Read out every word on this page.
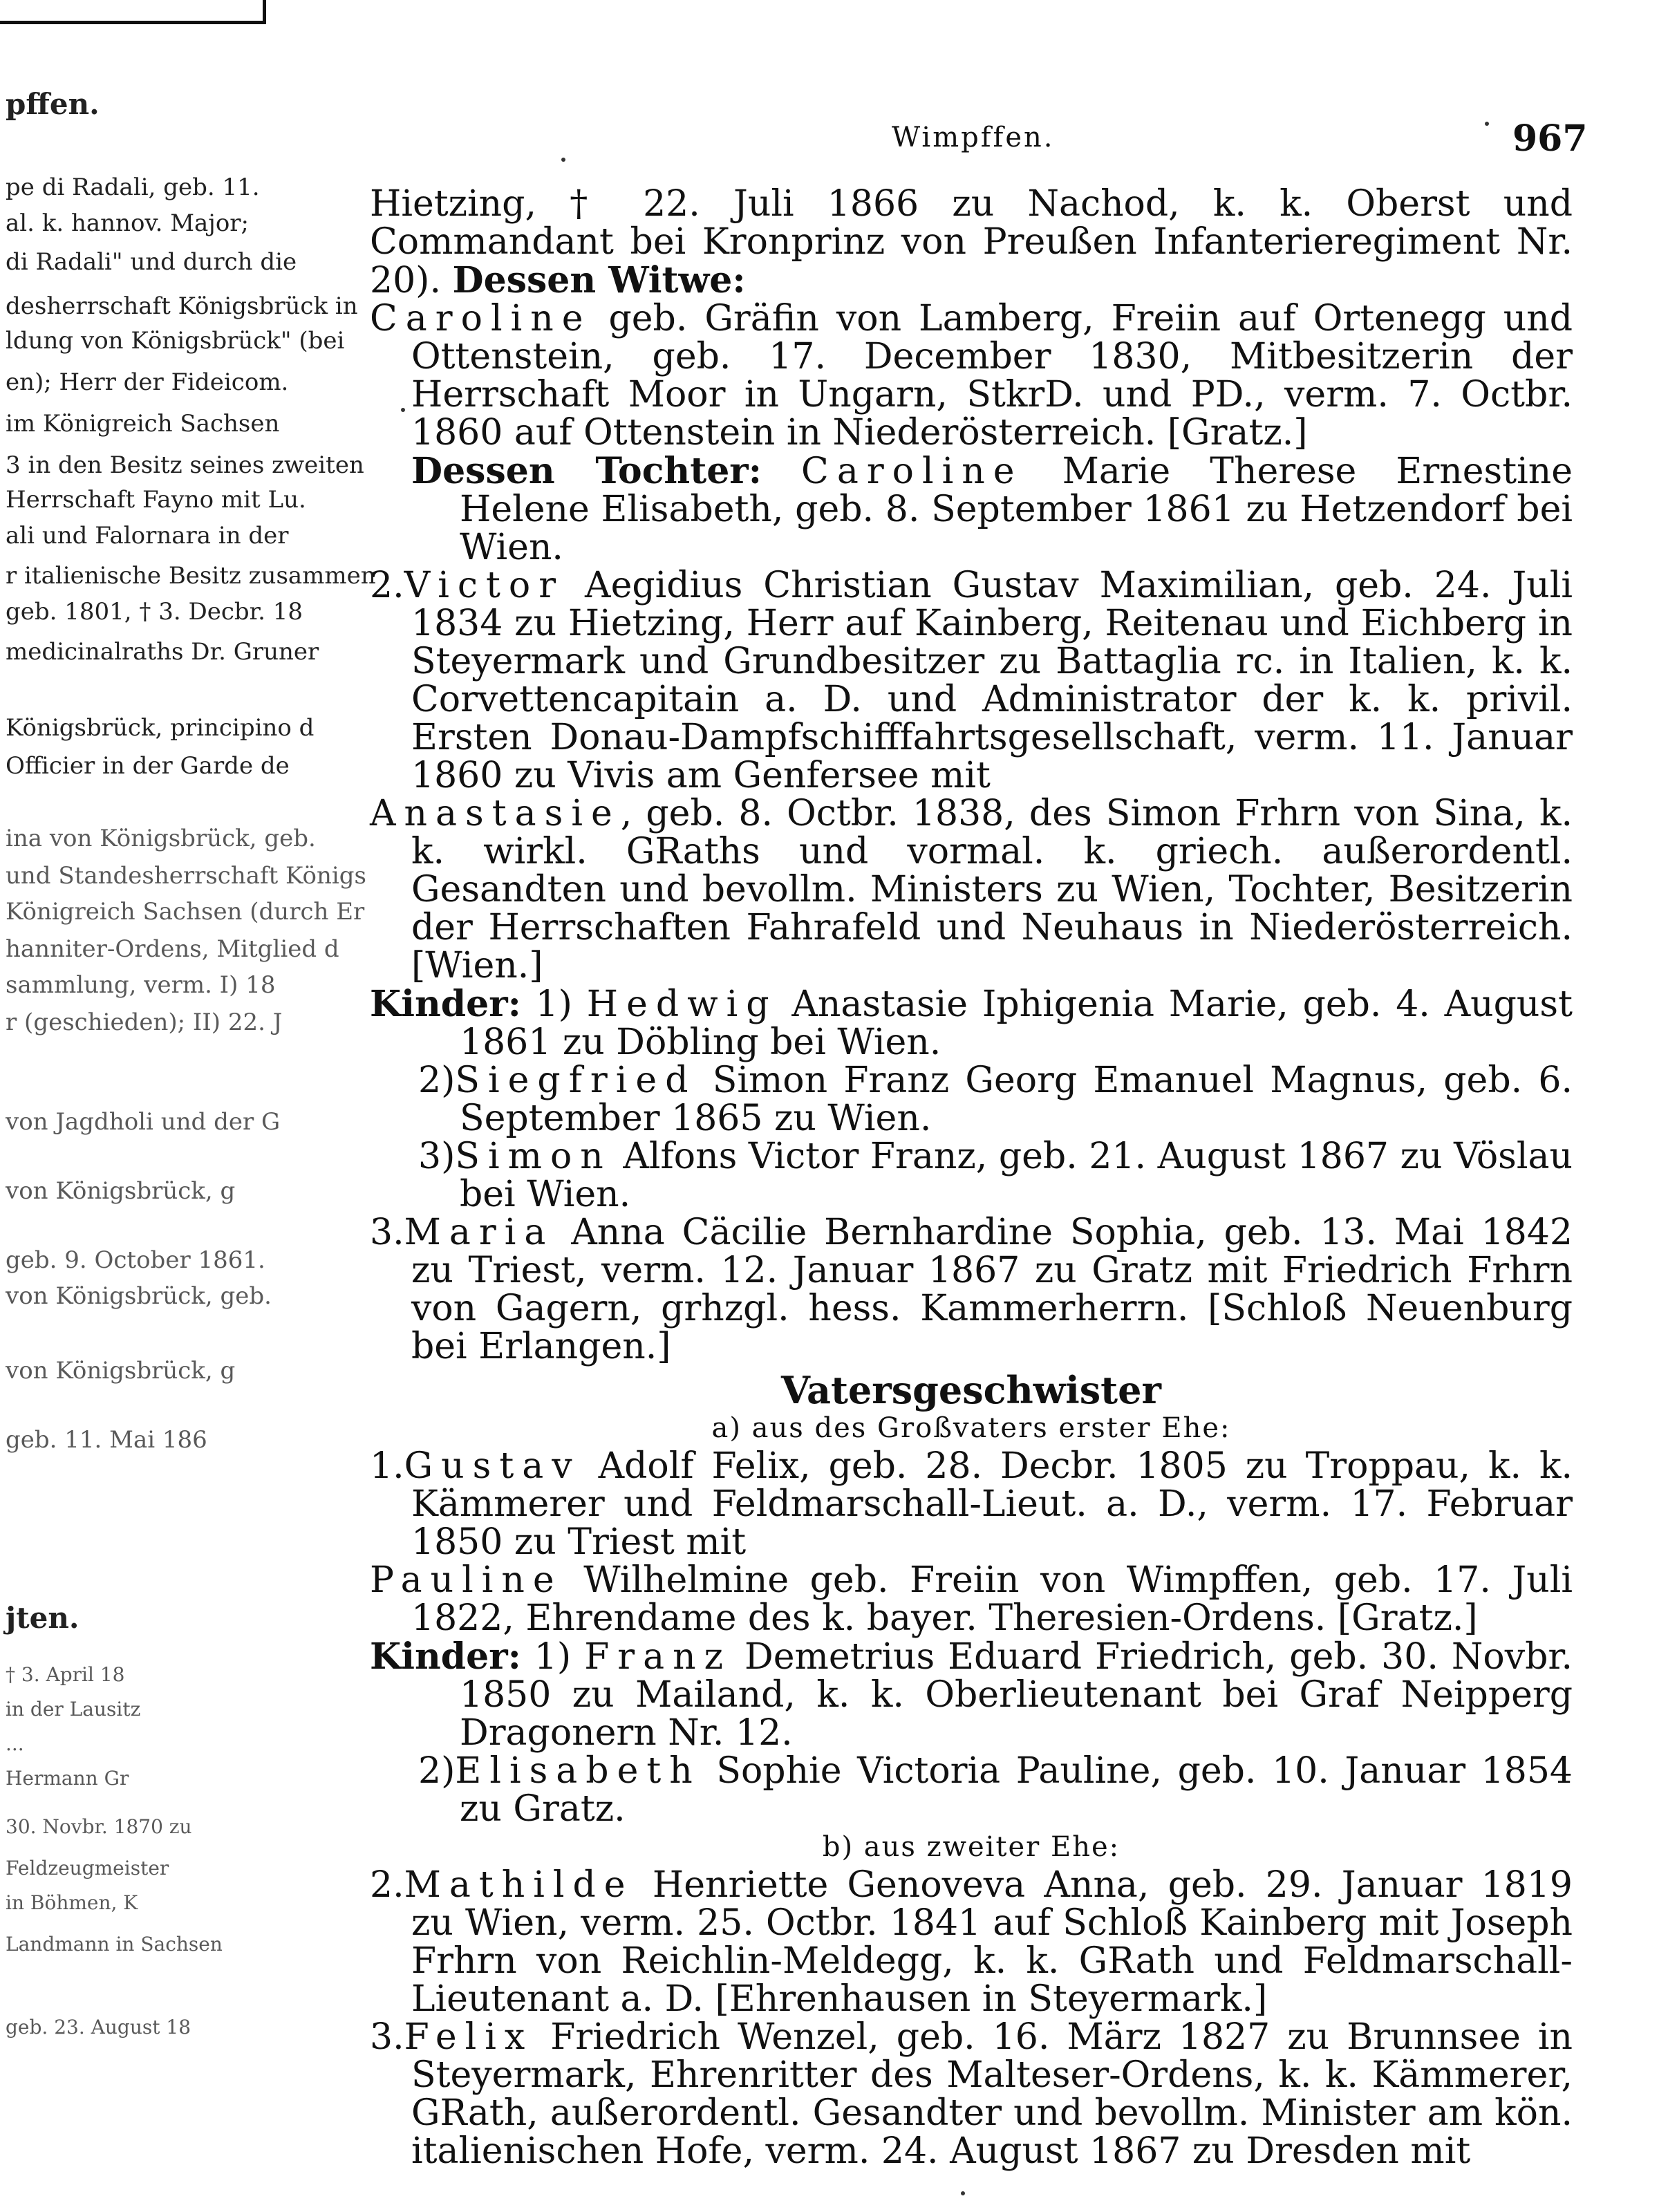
pffen.
pe di Radali, geb. 11.
al. k. hannov. Major;
di Radali" und durch die
desherrschaft Königsbrück in
ldung von Königsbrück" (bei
en); Herr der Fideicom.
im Königreich Sachsen
3 in den Besitz seines zweiten
Herrschaft Fayno mit Lu.
ali und Falornara in der
r italienische Besitz zusammen
geb. 1801, † 3. Decbr. 18
medicinalraths Dr. Gruner
Königsbrück, principino d
Officier in der Garde de
ina von Königsbrück, geb.
und Standesherrschaft Königs
Königreich Sachsen (durch Er
hanniter-Ordens, Mitglied d
sammlung, verm. I) 18
r (geschieden); II) 22. J
von Jagdholi und der G
von Königsbrück, g
geb. 9. October 1861.
von Königsbrück, geb.
von Königsbrück, g
geb. 11. Mai 186
† 3. April 18
in der Lausitz
...
Hermann Gr
30. Novbr. 1870 zu
Feldzeugmeister
in Böhmen, K
Landmann in Sachsen
geb. 23. August 18
jten.
Wimpffen.	967

Hietzing, † 22. Juli 1866 zu Nachod, k. k. Oberst und Commandant bei Kronprinz von Preußen Infanterieregiment Nr. 20). Dessen Witwe:

Caroline geb. Gräfin von Lamberg, Freiin auf Ortenegg und Ottenstein, geb. 17. December 1830, Mitbesitzerin der Herrschaft Moor in Ungarn, StkrD. und PD., verm. 7. Octbr. 1860 auf Ottenstein in Niederösterreich. [Gratz.]

Dessen Tochter: Caroline Marie Therese Ernestine Helene Elisabeth, geb. 8. September 1861 zu Hetzendorf bei Wien.

2.Victor Aegidius Christian Gustav Maximilian, geb. 24. Juli 1834 zu Hietzing, Herr auf Kainberg, Reitenau und Eichberg in Steyermark und Grundbesitzer zu Battaglia rc. in Italien, k. k. Corvettencapitain a. D. und Administrator der k. k. privil. Ersten Donau-Dampfschifffahrtsgesellschaft, verm. 11. Januar 1860 zu Vivis am Genfersee mit

Anastasie, geb. 8. Octbr. 1838, des Simon Frhrn von Sina, k. k. wirkl. GRaths und vormal. k. griech. außerordentl. Gesandten und bevollm. Ministers zu Wien, Tochter, Besitzerin der Herrschaften Fahrafeld und Neuhaus in Niederösterreich. [Wien.]

Kinder: 1) Hedwig Anastasie Iphigenia Marie, geb. 4. August 1861 zu Döbling bei Wien.

2)Siegfried Simon Franz Georg Emanuel Magnus, geb. 6. September 1865 zu Wien.

3)Simon Alfons Victor Franz, geb. 21. August 1867 zu Vöslau bei Wien.

3.Maria Anna Cäcilie Bernhardine Sophia, geb. 13. Mai 1842 zu Triest, verm. 12. Januar 1867 zu Gratz mit Friedrich Frhrn von Gagern, grhzgl. hess. Kammerherrn. [Schloß Neuenburg bei Erlangen.]

Vatersgeschwister

a) aus des Großvaters erster Ehe:

1.Gustav Adolf Felix, geb. 28. Decbr. 1805 zu Troppau, k. k. Kämmerer und Feldmarschall-Lieut. a. D., verm. 17. Februar 1850 zu Triest mit

Pauline Wilhelmine geb. Freiin von Wimpffen, geb. 17. Juli 1822, Ehrendame des k. bayer. Theresien-Ordens. [Gratz.]

Kinder: 1) Franz Demetrius Eduard Friedrich, geb. 30. Novbr. 1850 zu Mailand, k. k. Oberlieutenant bei Graf Neipperg Dragonern Nr. 12.

2)Elisabeth Sophie Victoria Pauline, geb. 10. Januar 1854 zu Gratz.

b) aus zweiter Ehe:

2.Mathilde Henriette Genoveva Anna, geb. 29. Januar 1819 zu Wien, verm. 25. Octbr. 1841 auf Schloß Kainberg mit Joseph Frhrn von Reichlin-Meldegg, k. k. GRath und Feldmarschall-Lieutenant a. D. [Ehrenhausen in Steyermark.]

3.Felix Friedrich Wenzel, geb. 16. März 1827 zu Brunnsee in Steyermark, Ehrenritter des Malteser-Ordens, k. k. Kämmerer, GRath, außerordentl. Gesandter und bevollm. Minister am kön. italienischen Hofe, verm. 24. August 1867 zu Dresden mit
